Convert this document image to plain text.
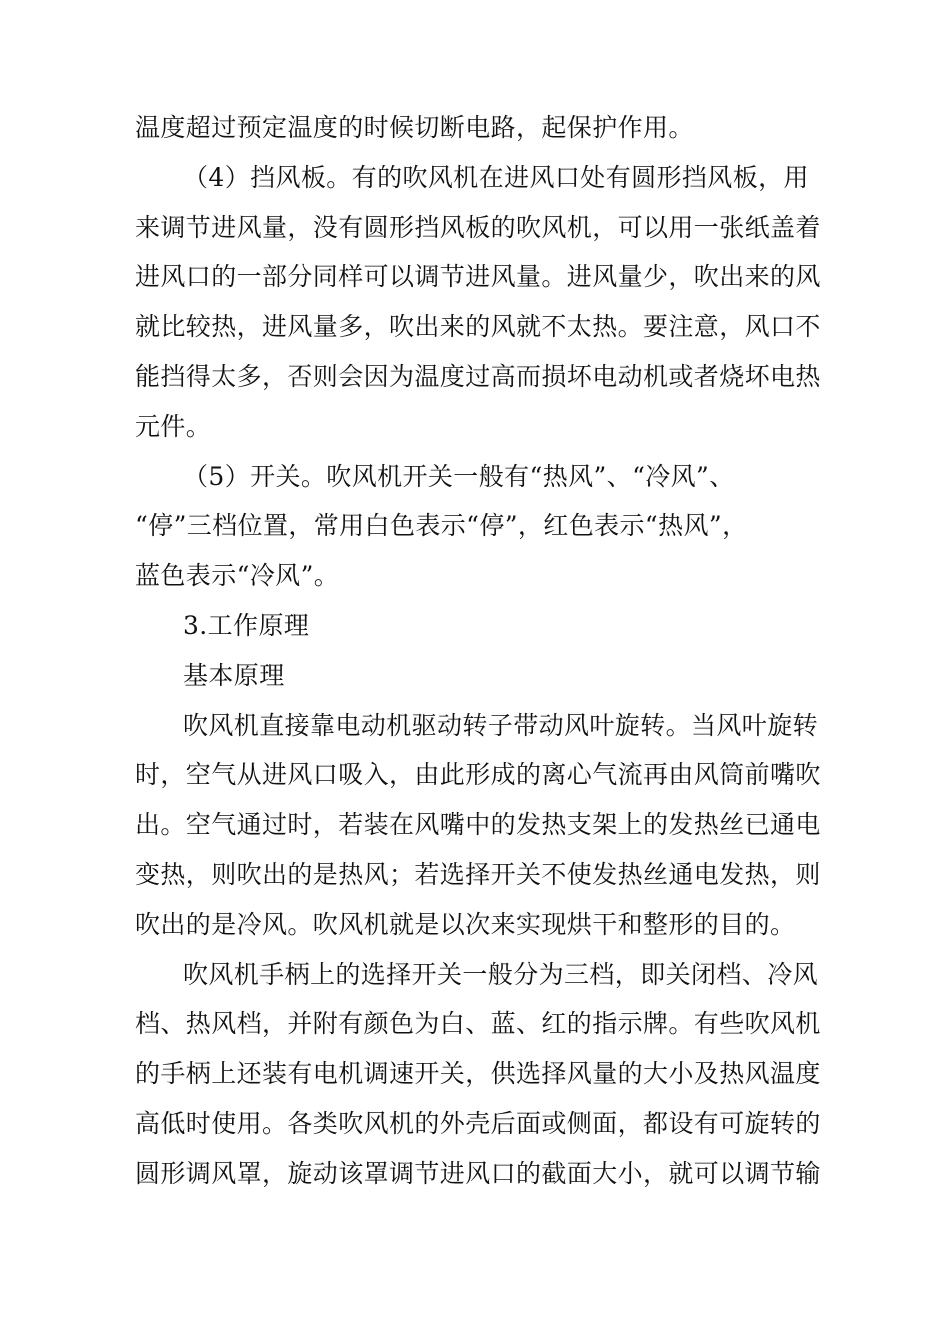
温度超过预定温度的时候切断电路，起保护作用。
（4）挡风板。有的吹风机在进风口处有圆形挡风板，用
来调节进风量，没有圆形挡风板的吹风机，可以用一张纸盖着
进风口的一部分同样可以调节进风量。进风量少，吹出来的风
就比较热，进风量多，吹出来的风就不太热。要注意，风口不
能挡得太多，否则会因为温度过高而损坏电动机或者烧坏电热
元件。
（5）开关。吹风机开关一般有“热风”、“冷风”、
“停”三档位置，常用白色表示“停”，红色表示“热风”，
蓝色表示“冷风”。
3.工作原理
基本原理
吹风机直接靠电动机驱动转子带动风叶旋转。当风叶旋转
时，空气从进风口吸入，由此形成的离心气流再由风筒前嘴吹
出。空气通过时，若装在风嘴中的发热支架上的发热丝已通电
变热，则吹出的是热风；若选择开关不使发热丝通电发热，则
吹出的是冷风。吹风机就是以次来实现烘干和整形的目的。
吹风机手柄上的选择开关一般分为三档，即关闭档、冷风
档、热风档，并附有颜色为白、蓝、红的指示牌。有些吹风机
的手柄上还装有电机调速开关，供选择风量的大小及热风温度
高低时使用。各类吹风机的外壳后面或侧面，都设有可旋转的
圆形调风罩，旋动该罩调节进风口的截面大小，就可以调节输
